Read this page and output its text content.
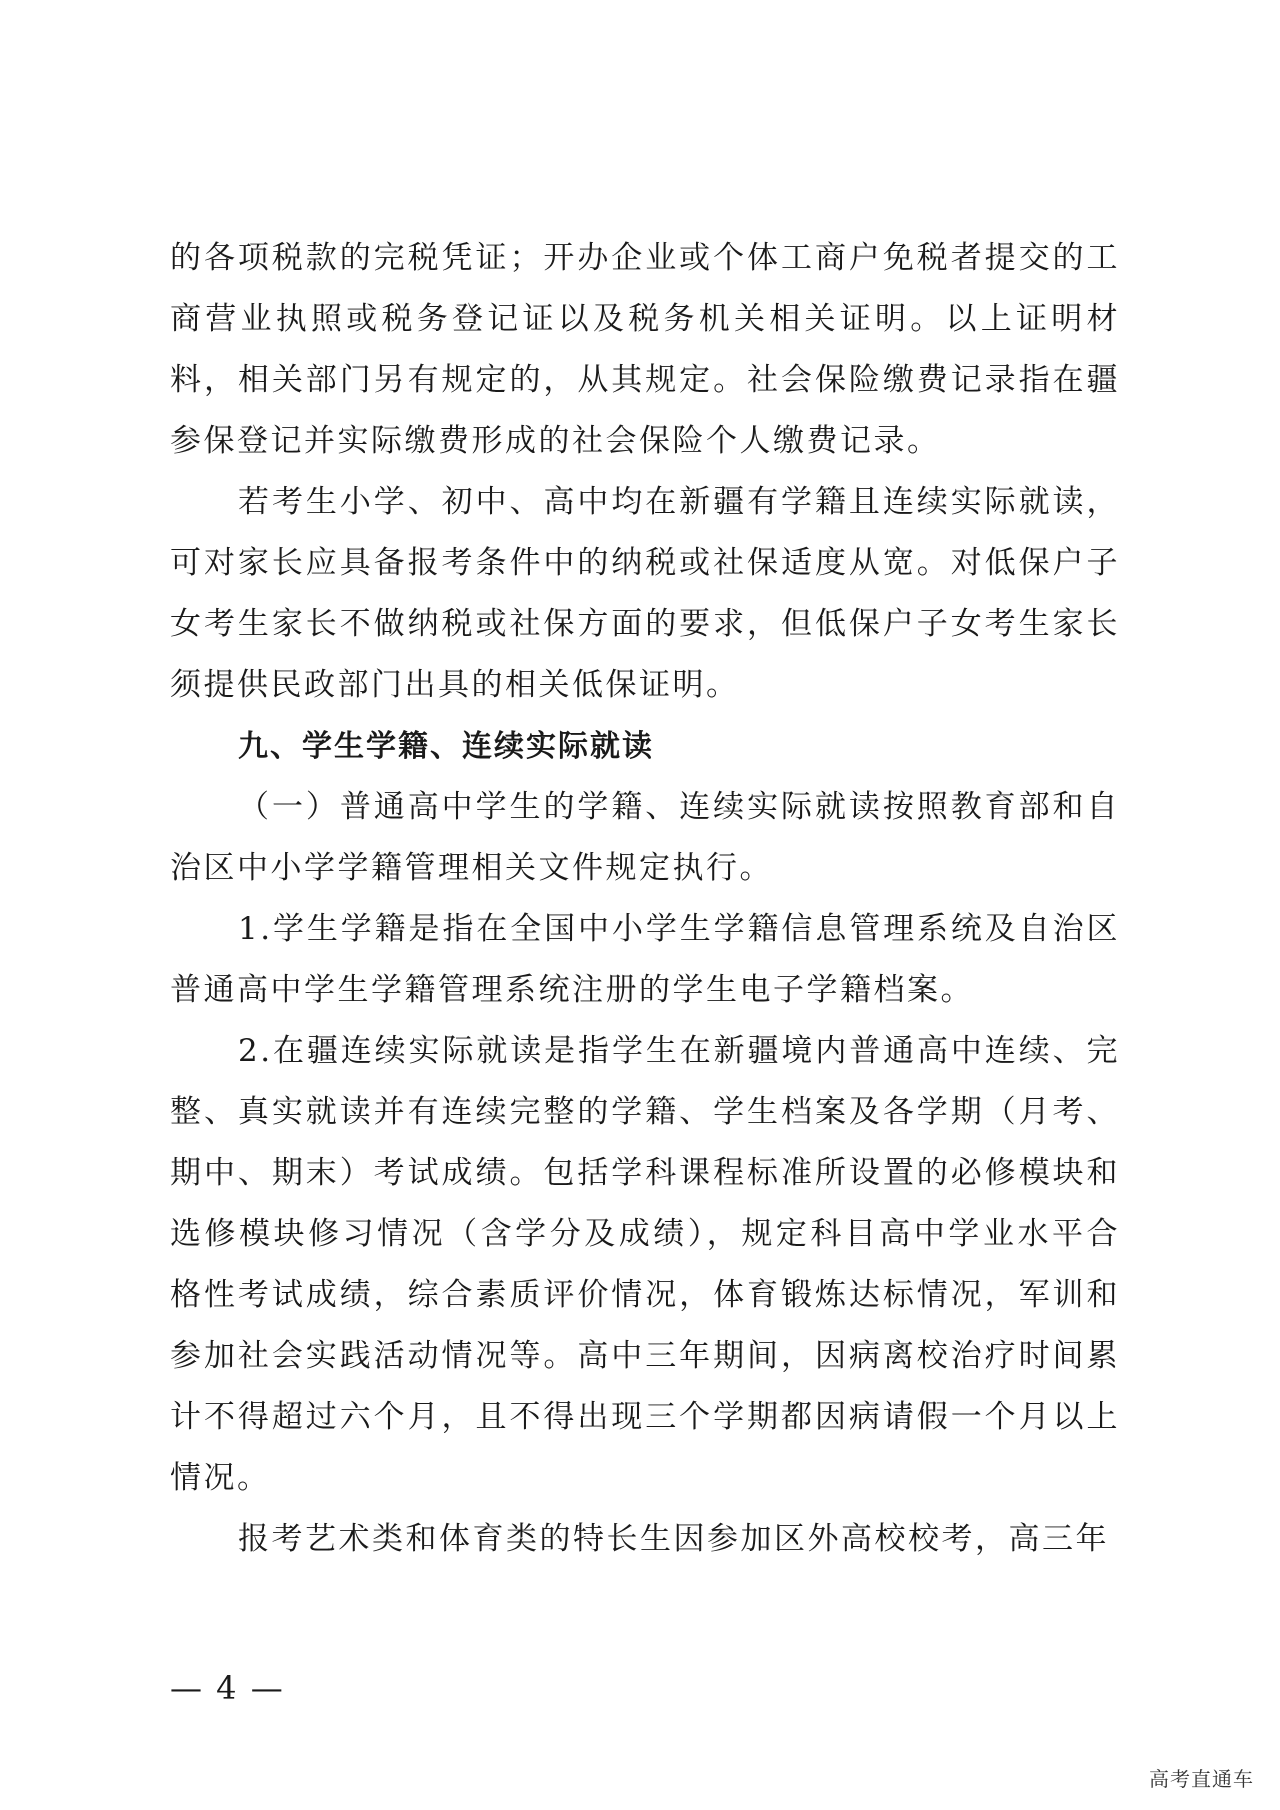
的各项税款的完税凭证；开办企业或个体工商户免税者提交的工商营业执照或税务登记证以及税务机关相关证明。以上证明材料，相关部门另有规定的，从其规定。社会保险缴费记录指在疆参保登记并实际缴费形成的社会保险个人缴费记录。

若考生小学、初中、高中均在新疆有学籍且连续实际就读，可对家长应具备报考条件中的纳税或社保适度从宽。对低保户子女考生家长不做纳税或社保方面的要求，但低保户子女考生家长须提供民政部门出具的相关低保证明。

九、学生学籍、连续实际就读

（一）普通高中学生的学籍、连续实际就读按照教育部和自治区中小学学籍管理相关文件规定执行。

1.学生学籍是指在全国中小学生学籍信息管理系统及自治区普通高中学生学籍管理系统注册的学生电子学籍档案。

2.在疆连续实际就读是指学生在新疆境内普通高中连续、完整、真实就读并有连续完整的学籍、学生档案及各学期（月考、期中、期末）考试成绩。包括学科课程标准所设置的必修模块和选修模块修习情况（含学分及成绩），规定科目高中学业水平合格性考试成绩，综合素质评价情况，体育锻炼达标情况，军训和参加社会实践活动情况等。高中三年期间，因病离校治疗时间累计不得超过六个月，且不得出现三个学期都因病请假一个月以上情况。

报考艺术类和体育类的特长生因参加区外高校校考，高三年

— 4 —
高考直通车
